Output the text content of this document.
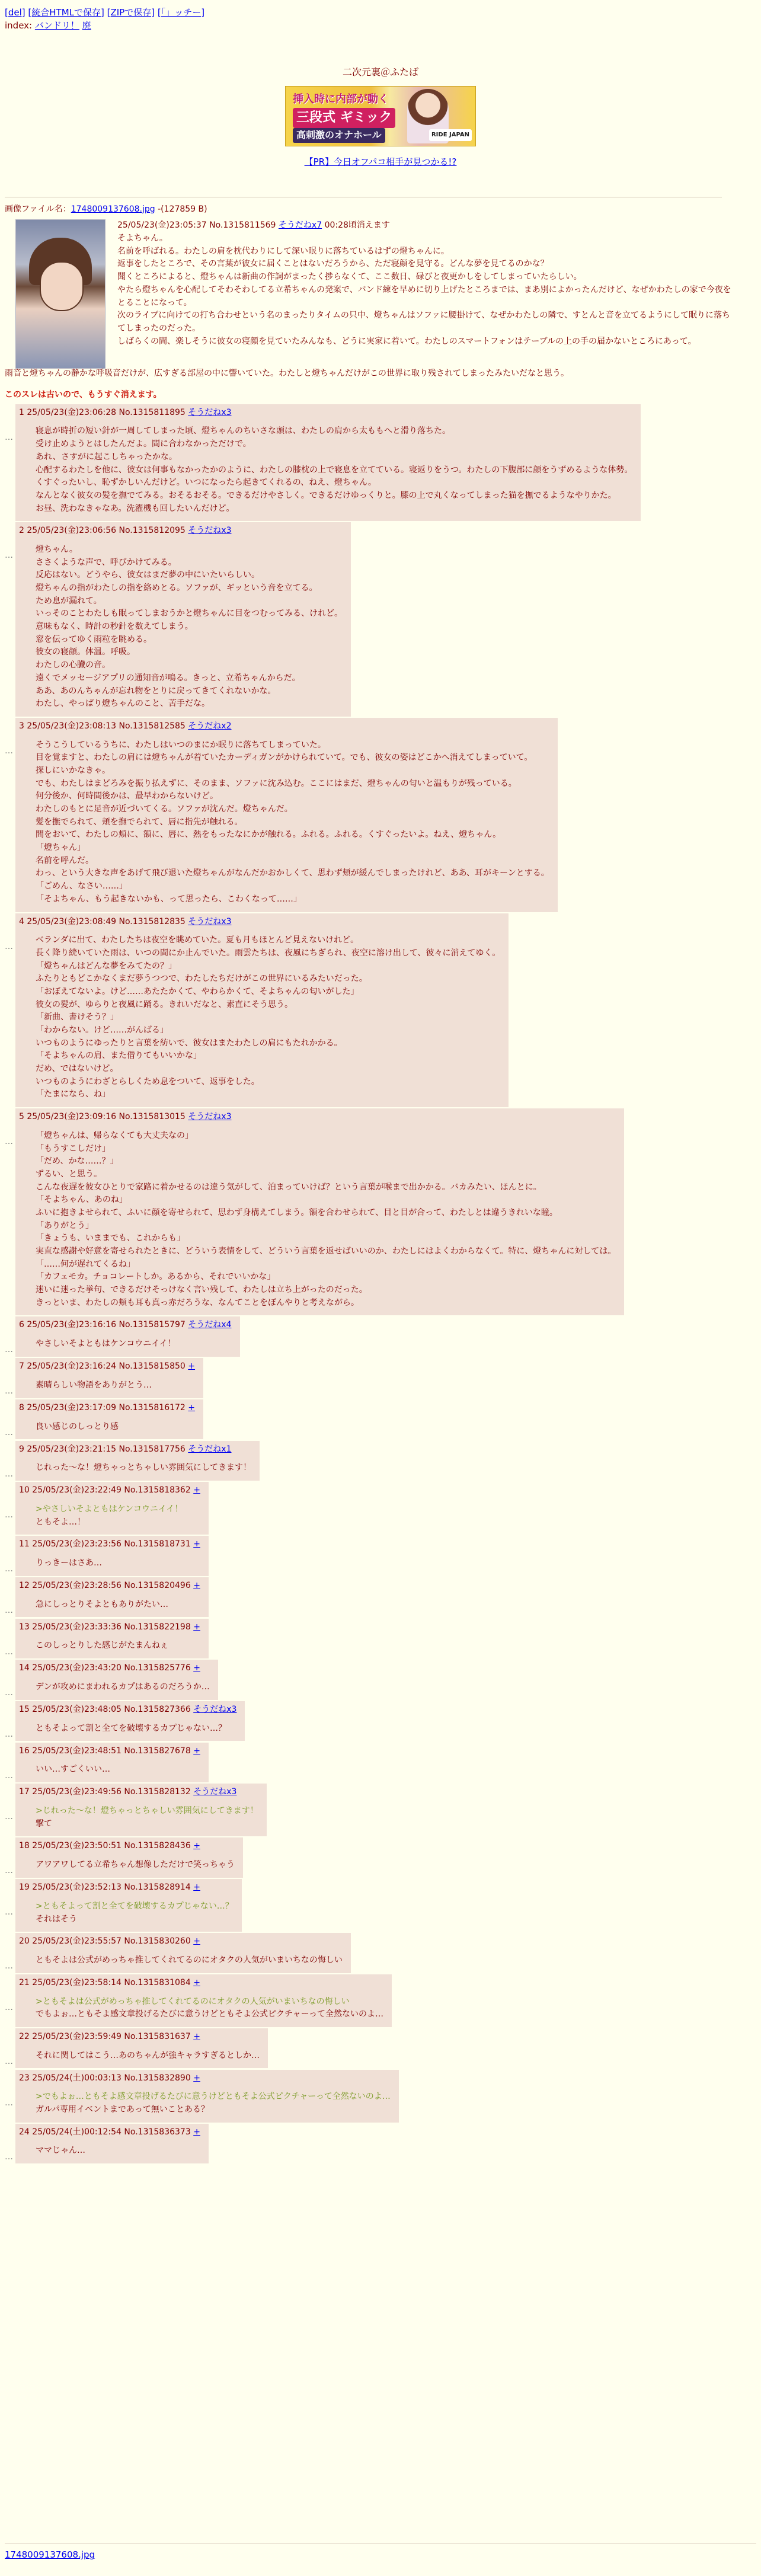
[del] [統合HTMLで保存] [ZIPで保存] [「」ッチー]
index: バンドリ！ 廃
二次元裏＠ふたば
挿入時に内部が動く
三段式 ギミック
高刺激のオナホール	RIDE JAPAN
【PR】今日オフパコ相手が見つかる!?
画像ファイル名：1748009137608.jpg -(127859 B)
25/05/23(金)23:05:37 No.1315811569 そうだねx7 00:28頃消えます
そよちゃん。
名前を呼ばれる。わたしの肩を枕代わりにして深い眠りに落ちているはずの燈ちゃんに。
返事をしたところで、その言葉が彼女に届くことはないだろうから、ただ寝顔を見守る。どんな夢を見てるのかな？
聞くところによると、燈ちゃんは新曲の作詞がまったく捗らなくて、ここ数日、碌びと夜更かしをしてしまっていたらしい。
やたら燈ちゃんを心配してそわそわしてる立希ちゃんの発案で、バンド練を早めに切り上げたところまでは、まあ別によかったんだけど、なぜかわたしの家で今夜をとることになって。
次のライブに向けての打ち合わせという名のまったりタイムの只中、燈ちゃんはソファに腰掛けて、なぜかわたしの隣で、すとんと音を立てるようにして眠りに落ちてしまったのだった。
しばらくの間、楽しそうに彼女の寝顔を見ていたみんなも、どうに実家に着いて。わたしのスマートフォンはテーブルの上の手の届かないところにあって。
雨音と燈ちゃんの静かな呼吸音だけが、広すぎる部屋の中に響いていた。わたしと燈ちゃんだけがこの世界に取り残されてしまったみたいだなと思う。
このスレは古いので、もうすぐ消えます。
…
1 25/05/23(金)23:06:28 No.1315811895 そうだねx3
寝息が時折の短い針が一周してしまった頃、燈ちゃんのちいさな頭は、わたしの肩から太ももへと滑り落ちた。
受け止めようとはしたんだよ。間に合わなかっただけで。
あれ、さすがに起こしちゃったかな。
心配するわたしを他に、彼女は何事もなかったかのように、わたしの膝枕の上で寝息を立てている。寝返りをうつ。わたしの下腹部に顔をうずめるような体勢。
くすぐったいし、恥ずかしいんだけど。いつになったら起きてくれるの、ねえ、燈ちゃん。
なんとなく彼女の髪を撫でてみる。おそるおそる。できるだけやさしく。できるだけゆっくりと。膝の上で丸くなってしまった猫を撫でるようなやりかた。
お昼、洗わなきゃなあ。洗濯機も回したいんだけど。
…
2 25/05/23(金)23:06:56 No.1315812095 そうだねx3
燈ちゃん。
ささくような声で、呼びかけてみる。
反応はない。どうやら、彼女はまだ夢の中にいたいらしい。
燈ちゃんの指がわたしの指を絡めとる。ソファが、ギッという音を立てる。
ため息が漏れて。
いっそのことわたしも眠ってしまおうかと燈ちゃんに目をつむってみる、けれど。
意味もなく、時計の秒針を数えてしまう。
窓を伝ってゆく雨粒を眺める。
彼女の寝顔。体温。呼吸。
わたしの心臓の音。
遠くでメッセージアプリの通知音が鳴る。きっと、立希ちゃんからだ。
ああ、あのんちゃんが忘れ物をとりに戻ってきてくれないかな。
わたし、やっぱり燈ちゃんのこと、苦手だな。
…
3 25/05/23(金)23:08:13 No.1315812585 そうだねx2
そうこうしているうちに、わたしはいつのまにか眠りに落ちてしまっていた。
目を覚ますと、わたしの肩には燈ちゃんが着ていたカーディガンがかけられていて。でも、彼女の姿はどこかへ消えてしまっていて。
探しにいかなきゃ。
でも、わたしはまどろみを振り払えずに、そのまま、ソファに沈み込む。ここにはまだ、燈ちゃんの匂いと温もりが残っている。
何分後か、何時間後かは、最早わからないけど。
わたしのもとに足音が近づいてくる。ソファが沈んだ。燈ちゃんだ。
髪を撫でられて、頬を撫でられて、唇に指先が触れる。
間をおいて、わたしの頬に、額に、唇に、熱をもったなにかが触れる。ふれる。ふれる。くすぐったいよ。ねえ、燈ちゃん。
「燈ちゃん」
名前を呼んだ。
わっ、という大きな声をあげて飛び退いた燈ちゃんがなんだかおかしくて、思わず頬が緩んでしまったけれど、ああ、耳がキーンとする。
「ごめん、なさい……」
「そよちゃん、もう起きないかも、って思ったら、こわくなって……」
…
4 25/05/23(金)23:08:49 No.1315812835 そうだねx3
ベランダに出て、わたしたちは夜空を眺めていた。夏も月もほとんど見えないけれど。
長く降り続いていた雨は、いつの間にか止んでいた。雨雲たちは、夜風にちぎられ、夜空に溶け出して、彼々に消えてゆく。
「燈ちゃんはどんな夢をみてたの？」
ふたりともどこかなくまだ夢うつつで、わたしたちだけがこの世界にいるみたいだった。
「おぼえてないよ。けど……あたたかくて、やわらかくて、そよちゃんの匂いがした」
彼女の髪が、ゆらりと夜風に踊る。きれいだなと、素直にそう思う。
「新曲、書けそう？」
「わからない。けど……がんばる」
いつものようにゆったりと言葉を紡いで、彼女はまたわたしの肩にもたれかかる。
「そよちゃんの肩、また借りてもいいかな」
だめ、ではないけど。
いつものようにわざとらしくため息をついて、返事をした。
「たまになら、ね」
…
5 25/05/23(金)23:09:16 No.1315813015 そうだねx3
「燈ちゃんは、帰らなくても大丈夫なの」
「もうすこしだけ」
「だめ、かな……？」
ずるい、と思う。
こんな夜遅を彼女ひとりで家路に着かせるのは違う気がして、泊まっていけば？という言葉が喉まで出かかる。バカみたい、ほんとに。
「そよちゃん、あのね」
ふいに抱きよせられて、ふいに顔を寄せられて、思わず身構えてしまう。額を合わせられて、目と目が合って、わたしとは違うきれいな瞳。
「ありがとう」
「きょうも、いままでも、これからも」
実直な感謝や好意を寄せられたときに、どういう表情をして、どういう言葉を返せばいいのか、わたしにはよくわからなくて。特に、燈ちゃんに対しては。
「……何が遅れてくるね」
「カフェモカ。チョコレートしか。あるから、それでいいかな」
迷いに迷った挙句、できるだけそっけなく言い残して、わたしは立ち上がったのだった。
きっといま、わたしの頬も耳も真っ赤だろうな、なんてことをぼんやりと考えながら。
…
6 25/05/23(金)23:16:16 No.1315815797 そうだねx4
やさしいそよともはケンコウニイイ！
…
7 25/05/23(金)23:16:24 No.1315815850 +
素晴らしい物語をありがとう…
…
8 25/05/23(金)23:17:09 No.1315816172 +
良い感じのしっとり感
…
9 25/05/23(金)23:21:15 No.1315817756 そうだねx1
じれった〜な！燈ちゃっとちゃしい雰囲気にしてきます！
…
10 25/05/23(金)23:22:49 No.1315818362 +
>やさしいそよともはケンコウニイイ！
ともそよ…！
…
11 25/05/23(金)23:23:56 No.1315818731 +
りっきーはさあ…
…
12 25/05/23(金)23:28:56 No.1315820496 +
急にしっとりそよともありがたい…
…
13 25/05/23(金)23:33:36 No.1315822198 +
このしっとりした感じがたまんねぇ
…
14 25/05/23(金)23:43:20 No.1315825776 +
デンが攻めにまわれるカプはあるのだろうか…
…
15 25/05/23(金)23:48:05 No.1315827366 そうだねx3
ともそよって割と全てを破壊するカプじゃない…？
…
16 25/05/23(金)23:48:51 No.1315827678 +
いい…すごくいい…
…
17 25/05/23(金)23:49:56 No.1315828132 そうだねx3
>じれった〜な！燈ちゃっとちゃしい雰囲気にしてきます！
撃て
…
18 25/05/23(金)23:50:51 No.1315828436 +
アワアワしてる立希ちゃん想像しただけで笑っちゃう
…
19 25/05/23(金)23:52:13 No.1315828914 +
>ともそよって割と全てを破壊するカプじゃない…？
それはそう
…
20 25/05/23(金)23:55:57 No.1315830260 +
ともそよは公式がめっちゃ推してくれてるのにオタクの人気がいまいちなの悔しい
…
21 25/05/23(金)23:58:14 No.1315831084 +
>ともそよは公式がめっちゃ推してくれてるのにオタクの人気がいまいちなの悔しい
でもよぉ…ともそよ感文章投げるたびに意うけどともそよ公式ピクチャーって全然ないのよ…
…
22 25/05/23(金)23:59:49 No.1315831637 +
それに関してはこう…あのちゃんが強キャラすぎるとしか…
…
23 25/05/24(土)00:03:13 No.1315832890 +
>でもよぉ…ともそよ感文章投げるたびに意うけどともそよ公式ピクチャーって全然ないのよ…
ガルパ専用イベントまであって無いことある？
…
24 25/05/24(土)00:12:54 No.1315836373 +
ママじゃん…
1748009137608.jpg
